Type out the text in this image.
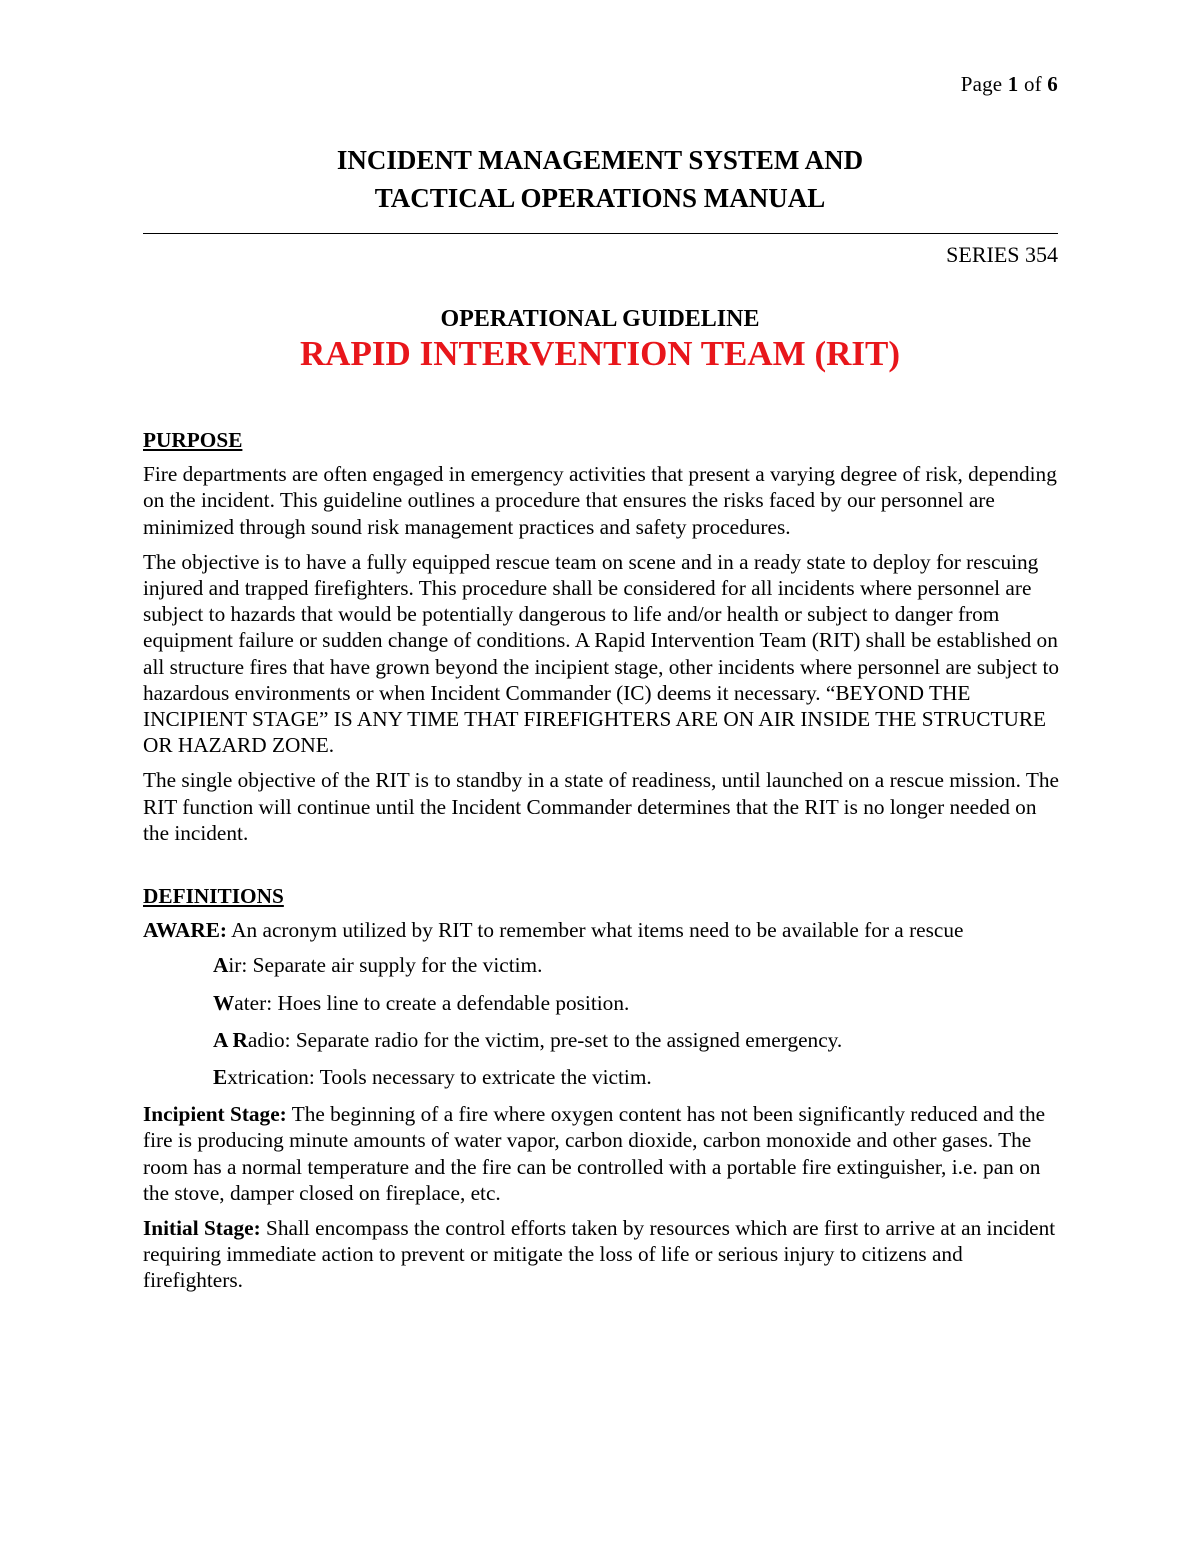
Page 1 of 6
INCIDENT MANAGEMENT SYSTEM AND
TACTICAL OPERATIONS MANUAL
SERIES 354
OPERATIONAL GUIDELINE
RAPID INTERVENTION TEAM (RIT)
PURPOSE

Fire departments are often engaged in emergency activities that present a varying degree of risk, depending on the incident. This guideline outlines a procedure that ensures the risks faced by our personnel are minimized through sound risk management practices and safety procedures.

The objective is to have a fully equipped rescue team on scene and in a ready state to deploy for rescuing injured and trapped firefighters. This procedure shall be considered for all incidents where personnel are subject to hazards that would be potentially dangerous to life and/or health or subject to danger from equipment failure or sudden change of conditions. A Rapid Intervention Team (RIT) shall be established on all structure fires that have grown beyond the incipient stage, other incidents where personnel are subject to hazardous environments or when Incident Commander (IC) deems it necessary. “BEYOND THE INCIPIENT STAGE” IS ANY TIME THAT FIREFIGHTERS ARE ON AIR INSIDE THE STRUCTURE OR HAZARD ZONE.

The single objective of the RIT is to standby in a state of readiness, until launched on a rescue mission. The RIT function will continue until the Incident Commander determines that the RIT is no longer needed on the incident.

DEFINITIONS
AWARE: An acronym utilized by RIT to remember what items need to be available for a rescue
Air: Separate air supply for the victim.
Water: Hoes line to create a defendable position.
A Radio: Separate radio for the victim, pre-set to the assigned emergency.
Extrication: Tools necessary to extricate the victim.
Incipient Stage: The beginning of a fire where oxygen content has not been significantly reduced and the fire is producing minute amounts of water vapor, carbon dioxide, carbon monoxide and other gases. The room has a normal temperature and the fire can be controlled with a portable fire extinguisher, i.e. pan on the stove, damper closed on fireplace, etc.
Initial Stage: Shall encompass the control efforts taken by resources which are first to arrive at an incident requiring immediate action to prevent or mitigate the loss of life or serious injury to citizens and firefighters.
